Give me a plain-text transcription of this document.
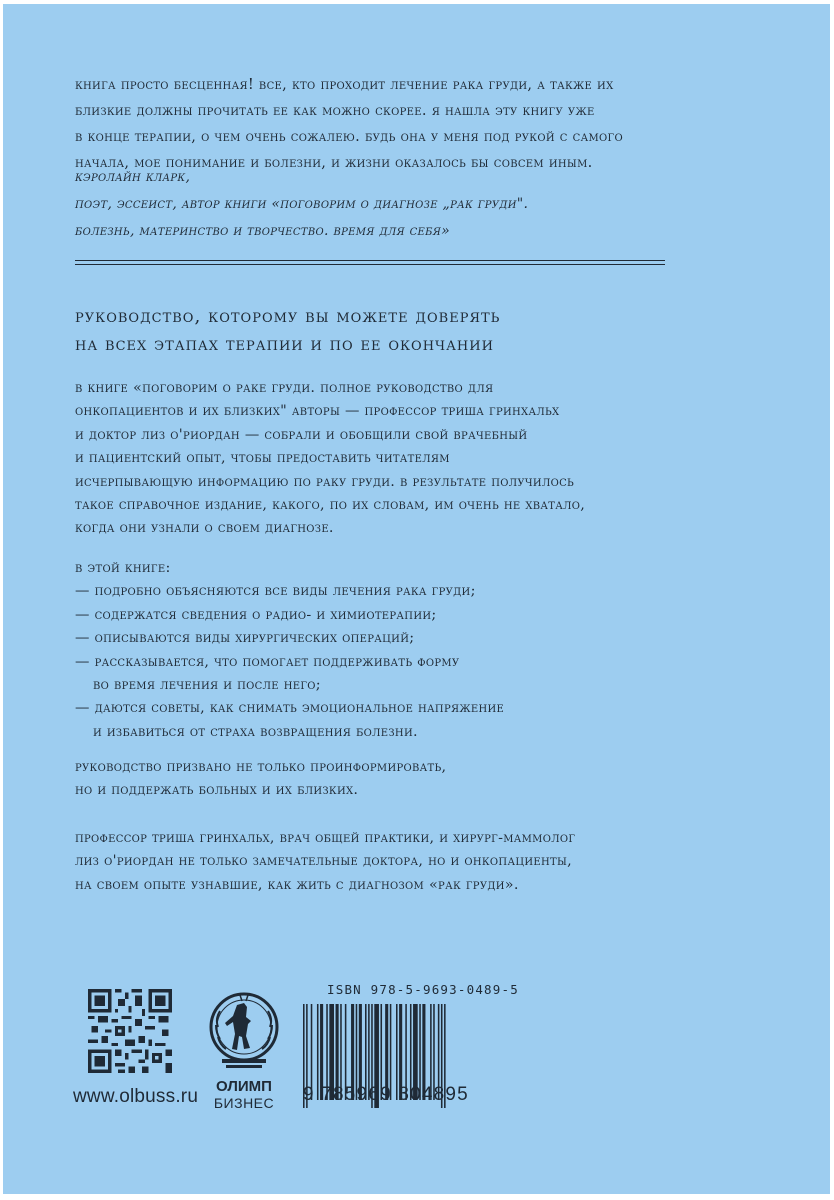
книга просто бесценная! все, кто проходит лечение рака груди, а также их
близкие должны прочитать ее как можно скорее. я нашла эту книгу уже
в конце терапии, о чем очень сожалею. будь она у меня под рукой с самого
начала, мое понимание и болезни, и жизни оказалось бы совсем иным.
кэролайн кларк,
поэт, эссеист, автор книги «поговорим о диагнозе „рак груди".
болезнь, материнство и творчество. время для себя»
руководство, которому вы можете доверять
на всех этапах терапии и по ее окончании
в книге «поговорим о раке груди. полное руководство для
онкопациентов и их близких" авторы — профессор триша гринхальх
и доктор лиз о'риордан — собрали и обобщили свой врачебный
и пациентский опыт, чтобы предоставить читателям
исчерпывающую информацию по раку груди. в результате получилось
такое справочное издание, какого, по их словам, им очень не хватало,
когда они узнали о своем диагнозе.
в этой книге:
— подробно объясняются все виды лечения рака груди;
— содержатся сведения о радио- и химиотерапии;
— описываются виды хирургических операций;
— рассказывается, что помогает поддерживать форму
во время лечения и после него;
— даются советы, как снимать эмоциональное напряжение
и избавиться от страха возвращения болезни.
руководство призвано не только проинформировать,
но и поддержать больных и их близких.
профессор триша гринхальх, врач общей практики, и хирург-маммолог
лиз о'риордан не только замечательные доктора, но и онкопациенты,
на своем опыте узнавшие, как жить с диагнозом «рак груди».
www.olbuss.ru	ОЛИМП
БИЗНЕС
ISBN 978-5-9693-0489-5
9 785969 304895
